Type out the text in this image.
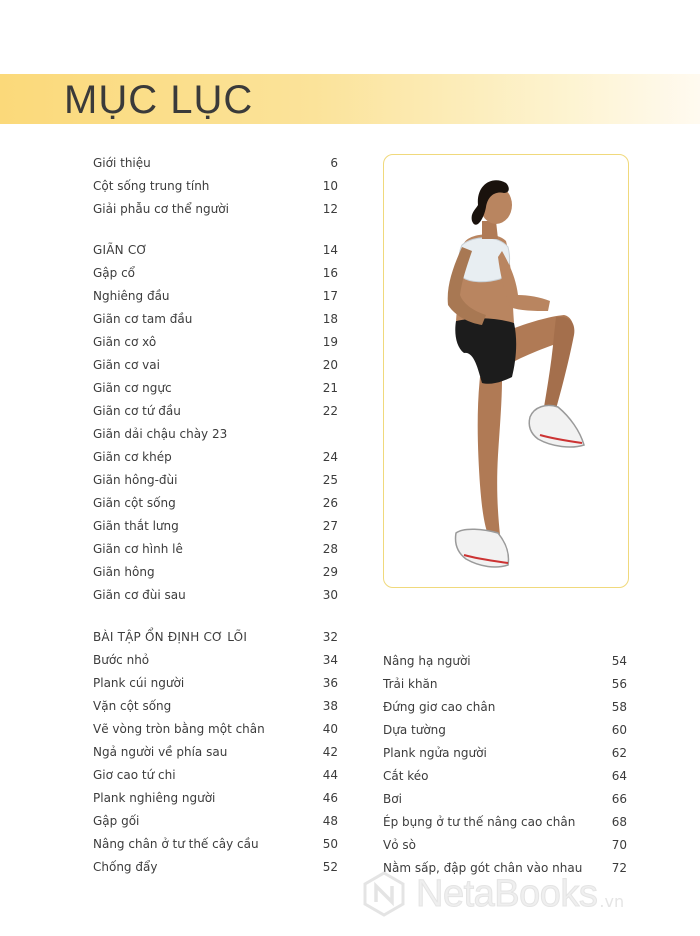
MỤC LỤC
Giới thiệu	6
Cột sống trung tính	10
Giải phẫu cơ thể người	12
GIÃN CƠ	14
Gập cổ	16
Nghiêng đầu	17
Giãn cơ tam đầu	18
Giãn cơ xô	19
Giãn cơ vai	20
Giãn cơ ngực	21
Giãn cơ tứ đầu	22
Giãn dải chậu chày 23
Giãn cơ khép	24
Giãn hông-đùi	25
Giãn cột sống	26
Giãn thắt lưng	27
Giãn cơ hình lê	28
Giãn hông	29
Giãn cơ đùi sau	30
BÀI TẬP ỔN ĐỊNH CƠ LÕI	32
Bước nhỏ	34
Plank cúi người	36
Vặn cột sống	38
Vẽ vòng tròn bằng một chân	40
Ngả người về phía sau	42
Giơ cao tứ chi	44
Plank nghiêng người	46
Gập gối	48
Nâng chân ở tư thế cây cầu	50
Chống đẩy	52
Nâng hạ người	54
Trải khăn	56
Đứng giơ cao chân	58
Dựa tường	60
Plank ngửa người	62
Cắt kéo	64
Bơi	66
Ép bụng ở tư thế nâng cao chân	68
Vỏ sò	70
Nằm sấp, đập gót chân vào nhau 72
NetaBooks .vn
